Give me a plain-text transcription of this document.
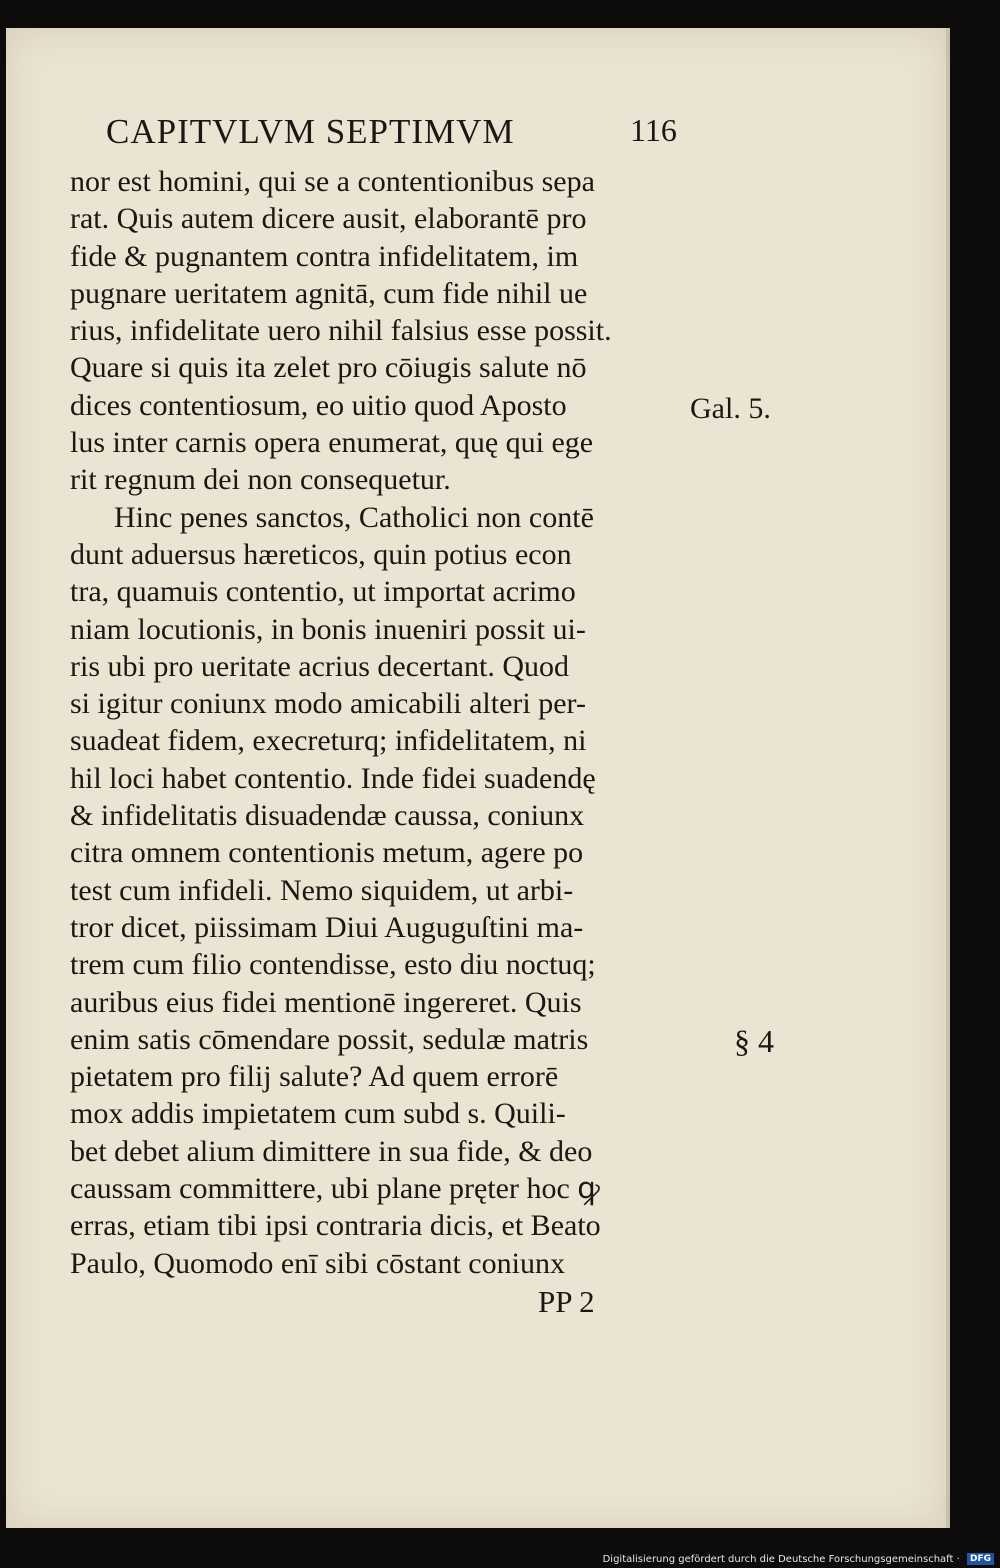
CAPITVLVM SEPTIMVM	116
nor est homini, qui se a contentionibus sepa
rat. Quis autem dicere ausit, elaborantē pro
fide & pugnantem contra infidelitatem, im
pugnare ueritatem agnitā, cum fide nihil ue
rius, infidelitate uero nihil falsius esse possit.
Quare si quis ita zelet pro cōiugis salute nō
dices contentiosum, eo uitio quod Aposto
lus inter carnis opera enumerat, quę qui ege
rit regnum dei non consequetur.
Hinc penes sanctos, Catholici non contē
dunt aduersus hæreticos, quin potius econ
tra, quamuis contentio, ut importat acrimo
niam locutionis, in bonis inueniri possit ui-
ris ubi pro ueritate acrius decertant. Quod
si igitur coniunx modo amicabili alteri per-
suadeat fidem, execreturq; infidelitatem, ni
hil loci habet contentio. Inde fidei suadendę
& infidelitatis disuadendæ caussa, coniunx
citra omnem contentionis metum, agere po
test cum infideli. Nemo siquidem, ut arbi-
tror dicet, piissimam Diui Auguguſtini ma-
trem cum filio contendisse, esto diu noctuq;
auribus eius fidei mentionē ingereret. Quis
enim satis cōmendare possit, sedulæ matris
pietatem pro filij salute? Ad quem errorē
mox addis impietatem cum subd s. Quili-
bet debet alium dimittere in sua fide, & deo
caussam committere, ubi plane pręter hoc ꝙ
erras, etiam tibi ipsi contraria dicis, et Beato
Paulo, Quomodo enī sibi cōstant coniunx
Gal. 5.
§ 4
PP 2
Digitalisierung gefördert durch die Deutsche Forschungsgemeinschaft · DFG
